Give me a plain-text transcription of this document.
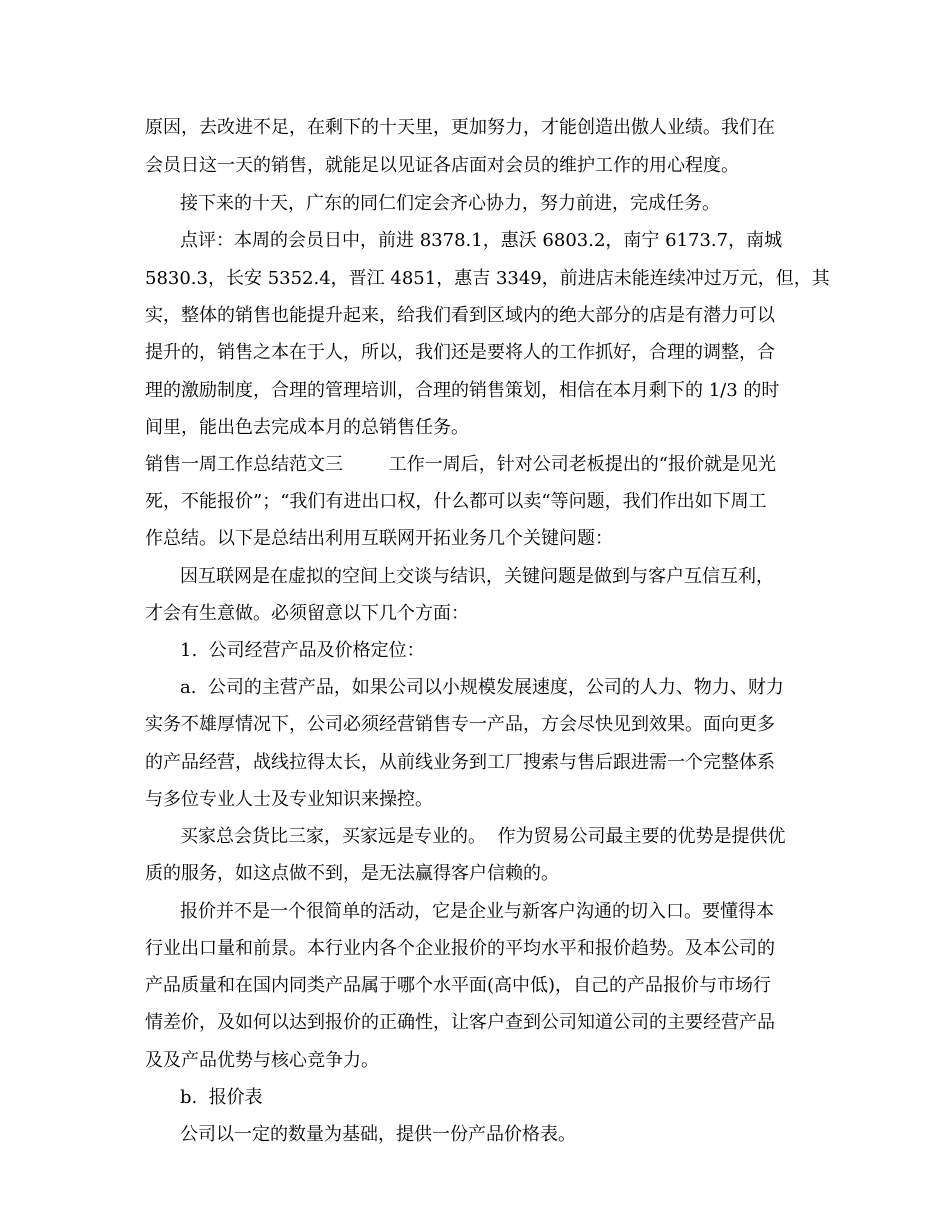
原因，去改进不足，在剩下的十天里，更加努力，才能创造出傲人业绩。我们在
会员日这一天的销售，就能足以见证各店面对会员的维护工作的用心程度。
接下来的十天，广东的同仁们定会齐心协力，努力前进，完成任务。
点评：本周的会员日中，前进 8378.1，惠沃 6803.2，南宁 6173.7，南城
5830.3，长安 5352.4，晋江 4851，惠吉 3349，前进店未能连续冲过万元，但，其
实，整体的销售也能提升起来，给我们看到区域内的绝大部分的店是有潜力可以
提升的，销售之本在于人，所以，我们还是要将人的工作抓好，合理的调整，合
理的激励制度，合理的管理培训，合理的销售策划，相信在本月剩下的 1/3 的时
间里，能出色去完成本月的总销售任务。
销售一周工作总结范文三        工作一周后，针对公司老板提出的“报价就是见光
死，不能报价”；“我们有进出口权，什么都可以卖“等问题，我们作出如下周工
作总结。以下是总结出利用互联网开拓业务几个关键问题：
因互联网是在虚拟的空间上交谈与结识，关键问题是做到与客户互信互利，
才会有生意做。必须留意以下几个方面：
1.  公司经营产品及价格定位：
a.  公司的主营产品，如果公司以小规模发展速度，公司的人力、物力、财力
实务不雄厚情况下，公司必须经营销售专一产品，方会尽快见到效果。面向更多
的产品经营，战线拉得太长，从前线业务到工厂搜索与售后跟进需一个完整体系
与多位专业人士及专业知识来操控。
买家总会货比三家，买家远是专业的。  作为贸易公司最主要的优势是提供优
质的服务，如这点做不到，是无法赢得客户信赖的。
报价并不是一个很简单的活动，它是企业与新客户沟通的切入口。要懂得本
行业出口量和前景。本行业内各个企业报价的平均水平和报价趋势。及本公司的
产品质量和在国内同类产品属于哪个水平面(高中低)，自己的产品报价与市场行
情差价，及如何以达到报价的正确性，让客户查到公司知道公司的主要经营产品
及及产品优势与核心竞争力。
b.  报价表
公司以一定的数量为基础，提供一份产品价格表。
